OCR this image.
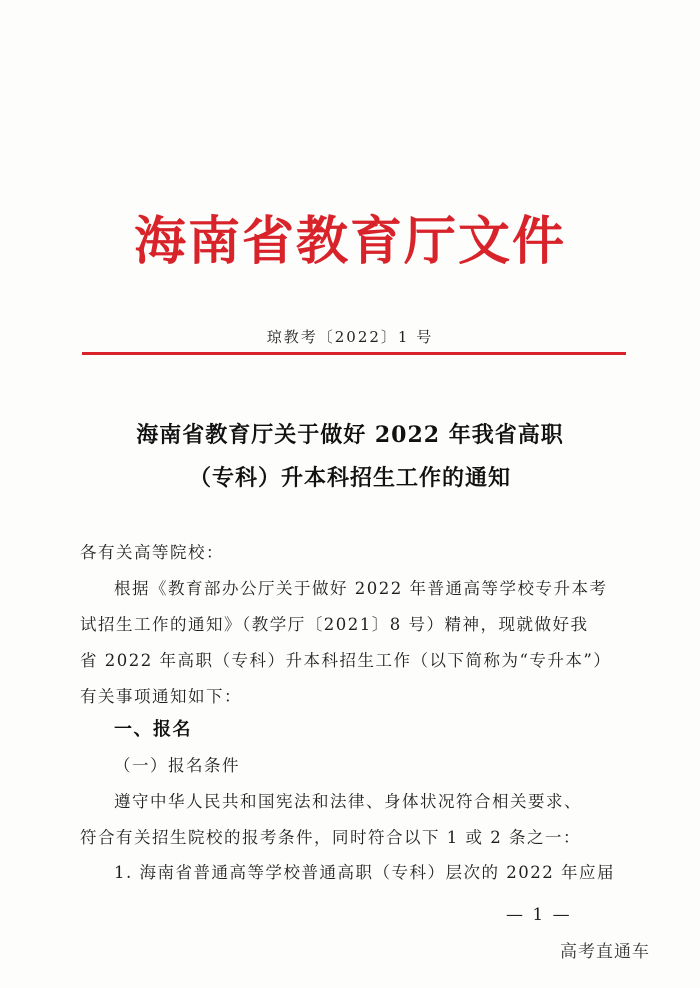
海南省教育厅文件
琼教考〔2022〕1 号
海南省教育厅关于做好 2022 年我省高职
（专科）升本科招生工作的通知
各有关高等院校：
根据《教育部办公厅关于做好 2022 年普通高等学校专升本考
试招生工作的通知》（教学厅〔2021〕8 号）精神，现就做好我
省 2022 年高职（专科）升本科招生工作（以下简称为“专升本”）
有关事项通知如下：
一、报名
（一）报名条件
遵守中华人民共和国宪法和法律、身体状况符合相关要求、
符合有关招生院校的报考条件，同时符合以下 1 或 2 条之一：
1. 海南省普通高等学校普通高职（专科）层次的 2022 年应届
— 1 —
高考直通车
